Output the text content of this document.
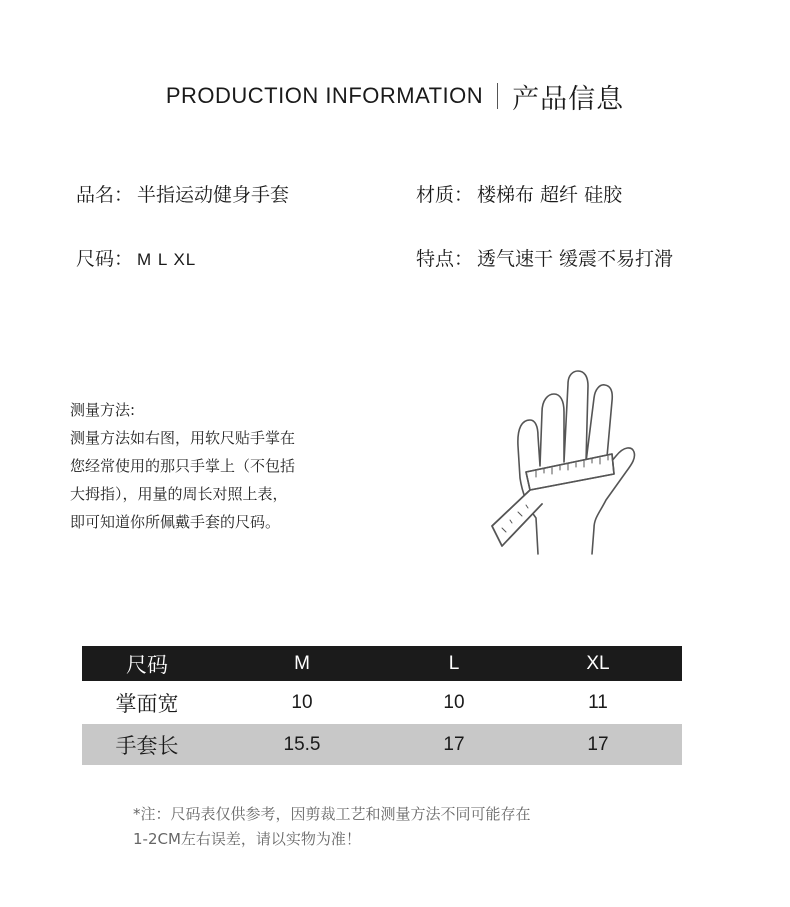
PRODUCTION INFORMATION 产品信息
品名： 半指运动健身手套	材质： 楼梯布 超纤 硅胶
尺码： M L XL	特点： 透气速干 缓震不易打滑
测量方法:
测量方法如右图，用软尺贴手掌在
您经常使用的那只手掌上（不包括
大拇指），用量的周长对照上表，
即可知道你所佩戴手套的尺码。
尺码	M	L	XL
掌面宽	10	10	11
手套长	15.5	17	17
*注：尺码表仅供参考，因剪裁工艺和测量方法不同可能存在
1-2CM左右误差，请以实物为准！
